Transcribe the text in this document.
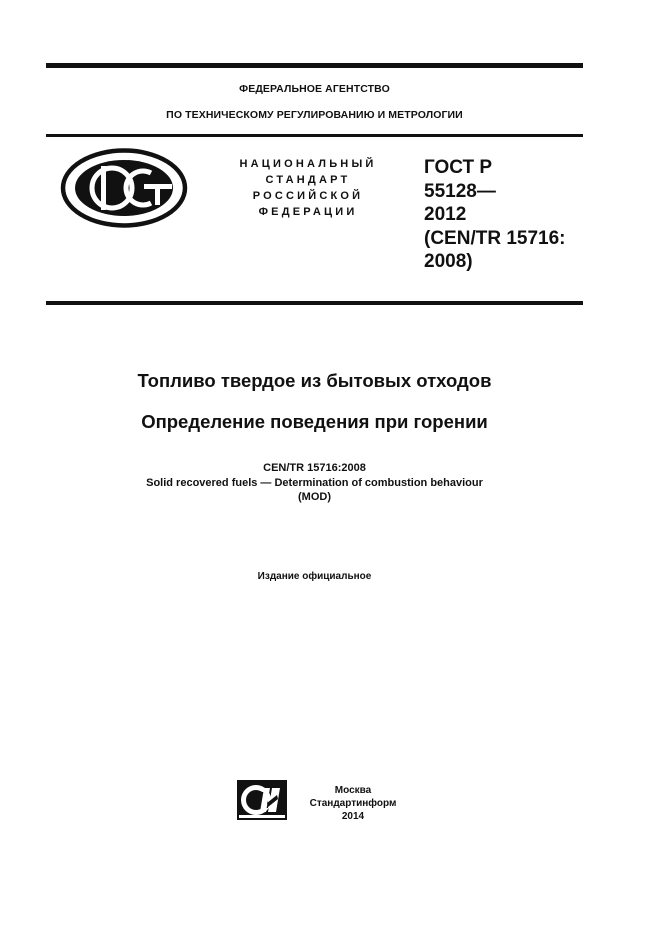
ФЕДЕРАЛЬНОЕ АГЕНТСТВО
ПО ТЕХНИЧЕСКОМУ РЕГУЛИРОВАНИЮ И МЕТРОЛОГИИ
НАЦИОНАЛЬНЫЙ
СТАНДАРТ
РОССИЙСКОЙ
ФЕДЕРАЦИИ
ГОСТ Р
55128—
2012
(CEN/TR 15716:
2008)
Топливо твердое из бытовых отходов
Определение поведения при горении
CEN/TR 15716:2008
Solid recovered fuels — Determination of combustion behaviour
(MOD)
Издание официальное
Москва
Стандартинформ
2014
